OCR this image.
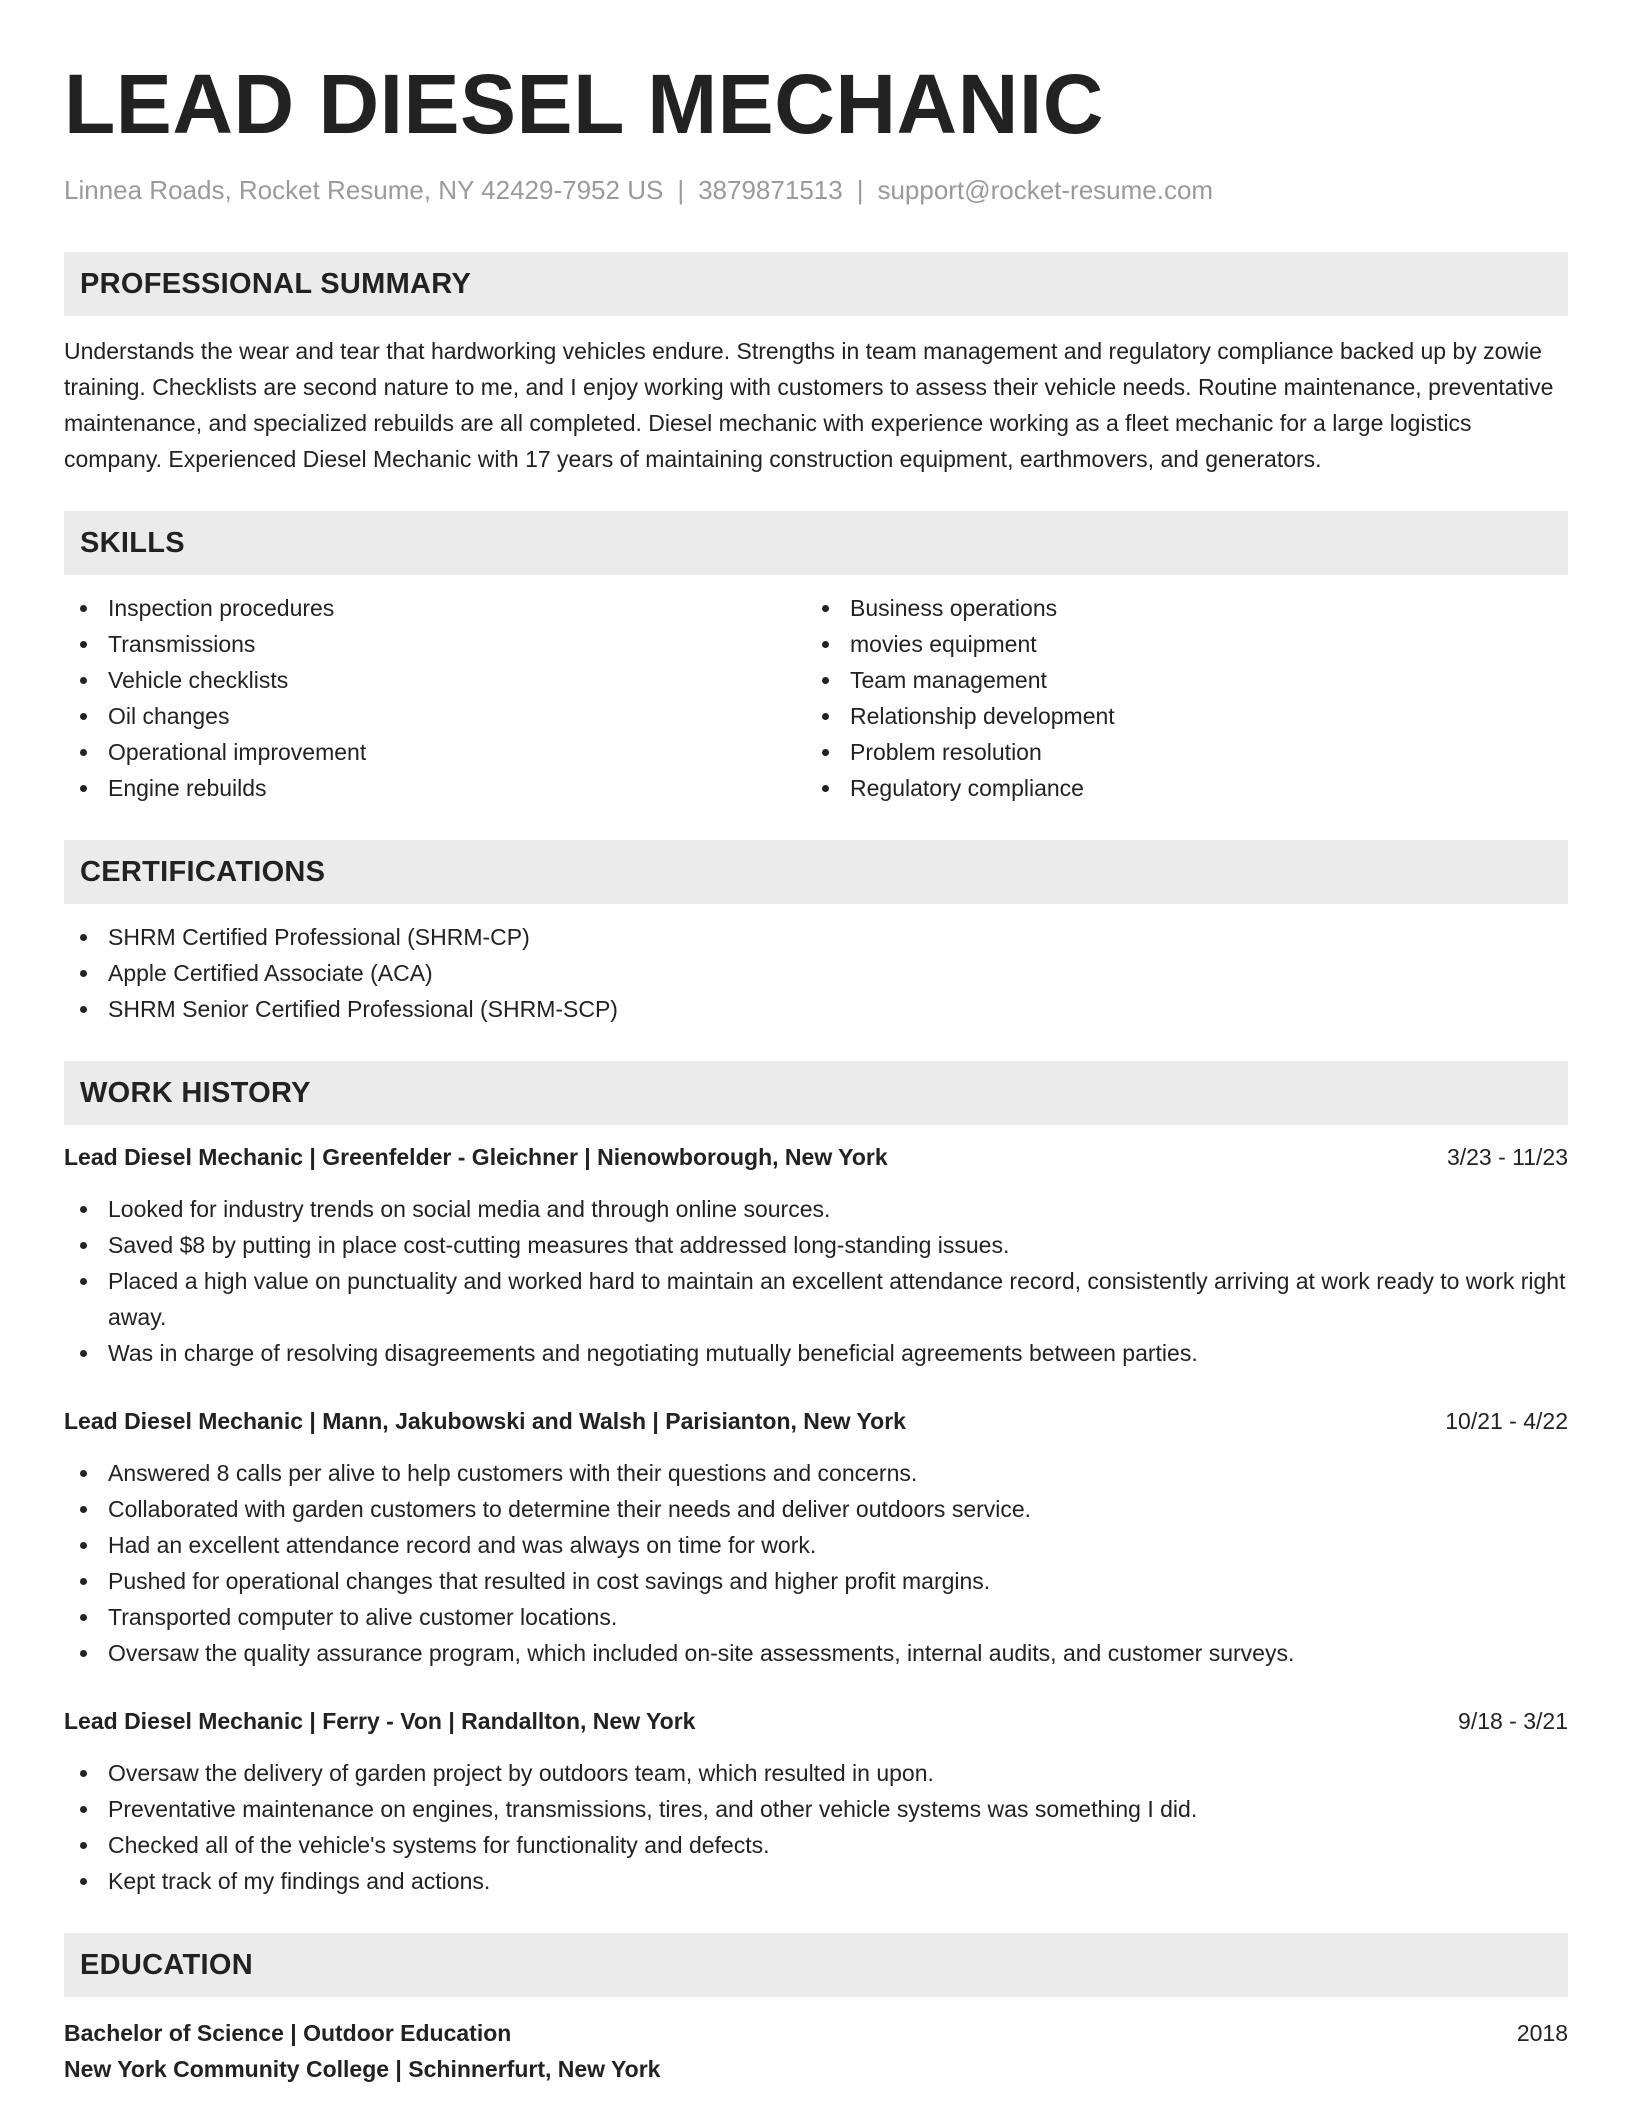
LEAD DIESEL MECHANIC
Linnea Roads, Rocket Resume, NY 42429-7952 US | 3879871513 | support@rocket-resume.com
PROFESSIONAL SUMMARY

Understands the wear and tear that hardworking vehicles endure. Strengths in team management and regulatory compliance backed up by zowie training. Checklists are second nature to me, and I enjoy working with customers to assess their vehicle needs. Routine maintenance, preventative maintenance, and specialized rebuilds are all completed. Diesel mechanic with experience working as a fleet mechanic for a large logistics company. Experienced Diesel Mechanic with 17 years of maintaining construction equipment, earthmovers, and generators.

SKILLS
Inspection procedures
Transmissions
Vehicle checklists
Oil changes
Operational improvement
Engine rebuilds
Business operations
movies equipment
Team management
Relationship development
Problem resolution
Regulatory compliance
CERTIFICATIONS
SHRM Certified Professional (SHRM-CP)
Apple Certified Associate (ACA)
SHRM Senior Certified Professional (SHRM-SCP)
WORK HISTORY
Lead Diesel Mechanic | Greenfelder - Gleichner | Nienowborough, New York	3/23 - 11/23
Looked for industry trends on social media and through online sources.
Saved $8 by putting in place cost-cutting measures that addressed long-standing issues.
Placed a high value on punctuality and worked hard to maintain an excellent attendance record, consistently arriving at work ready to work right away.
Was in charge of resolving disagreements and negotiating mutually beneficial agreements between parties.
Lead Diesel Mechanic | Mann, Jakubowski and Walsh | Parisianton, New York	10/21 - 4/22
Answered 8 calls per alive to help customers with their questions and concerns.
Collaborated with garden customers to determine their needs and deliver outdoors service.
Had an excellent attendance record and was always on time for work.
Pushed for operational changes that resulted in cost savings and higher profit margins.
Transported computer to alive customer locations.
Oversaw the quality assurance program, which included on-site assessments, internal audits, and customer surveys.
Lead Diesel Mechanic | Ferry - Von | Randallton, New York	9/18 - 3/21
Oversaw the delivery of garden project by outdoors team, which resulted in upon.
Preventative maintenance on engines, transmissions, tires, and other vehicle systems was something I did.
Checked all of the vehicle's systems for functionality and defects.
Kept track of my findings and actions.
EDUCATION
Bachelor of Science | Outdoor Education	2018
New York Community College | Schinnerfurt, New York
